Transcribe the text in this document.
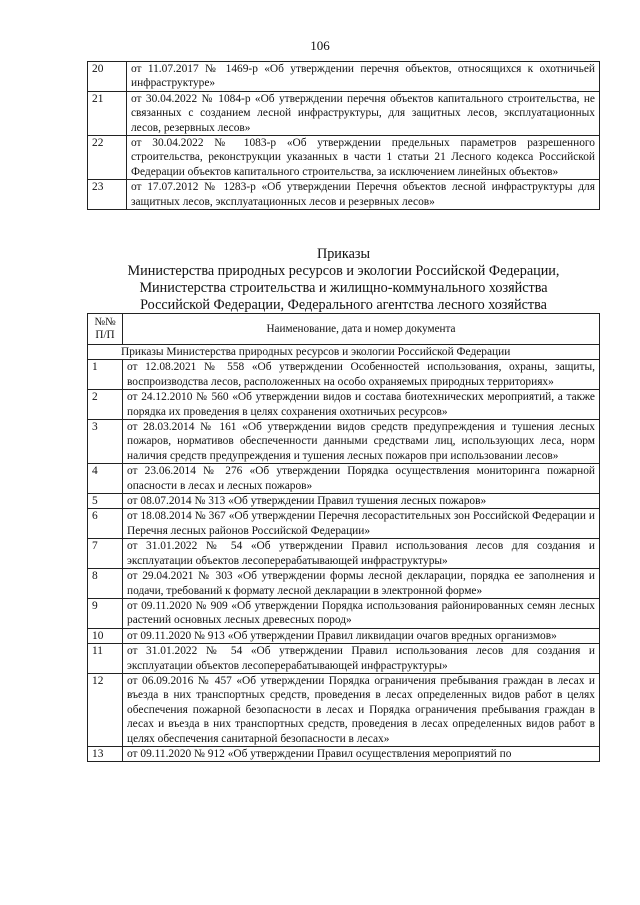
106
20	от 11.07.2017 № 1469-р «Об утверждении перечня объектов, относящихся к охотничьей инфраструктуре»
21	от 30.04.2022 № 1084-р «Об утверждении перечня объектов капитального строительства, не связанных с созданием лесной инфраструктуры, для защитных лесов, эксплуатационных лесов, резервных лесов»
22	от 30.04.2022 № 1083-р «Об утверждении предельных параметров разрешенного строительства, реконструкции указанных в части 1 статьи 21 Лесного кодекса Российской Федерации объектов капитального строительства, за исключением линейных объектов»
23	от 17.07.2012 № 1283-р «Об утверждении Перечня объектов лесной инфраструктуры для защитных лесов, эксплуатационных лесов и резервных лесов»
Приказы
Министерства природных ресурсов и экологии Российской Федерации,
Министерства строительства и жилищно-коммунального хозяйства
Российской Федерации, Федерального агентства лесного хозяйства
№№
П/П	Наименование, дата и номер документа
Приказы Министерства природных ресурсов и экологии Российской Федерации	
1	от 12.08.2021 № 558 «Об утверждении Особенностей использования, охраны, защиты, воспроизводства лесов, расположенных на особо охраняемых природных территориях»
2	от 24.12.2010 № 560 «Об утверждении видов и состава биотехнических мероприятий, а также порядка их проведения в целях сохранения охотничьих ресурсов»
3	от 28.03.2014 № 161 «Об утверждении видов средств предупреждения и тушения лесных пожаров, нормативов обеспеченности данными средствами лиц, использующих леса, норм наличия средств предупреждения и тушения лесных пожаров при использовании лесов»
4	от 23.06.2014 № 276 «Об утверждении Порядка осуществления мониторинга пожарной опасности в лесах и лесных пожаров»
5	от 08.07.2014 № 313 «Об утверждении Правил тушения лесных пожаров»
6	от 18.08.2014 № 367 «Об утверждении Перечня лесорастительных зон Российской Федерации и Перечня лесных районов Российской Федерации»
7	от 31.01.2022 № 54 «Об утверждении Правил использования лесов для создания и эксплуатации объектов лесоперерабатывающей инфраструктуры»
8	от 29.04.2021 № 303 «Об утверждении формы лесной декларации, порядка ее заполнения и подачи, требований к формату лесной декларации в электронной форме»
9	от 09.11.2020 № 909 «Об утверждении Порядка использования районированных семян лесных растений основных лесных древесных пород»
10	от 09.11.2020 № 913 «Об утверждении Правил ликвидации очагов вредных организмов»
11	от 31.01.2022 № 54 «Об утверждении Правил использования лесов для создания и эксплуатации объектов лесоперерабатывающей инфраструктуры»
12	от 06.09.2016 № 457 «Об утверждении Порядка ограничения пребывания граждан в лесах и въезда в них транспортных средств, проведения в лесах определенных видов работ в целях обеспечения пожарной безопасности в лесах и Порядка ограничения пребывания граждан в лесах и въезда в них транспортных средств, проведения в лесах определенных видов работ в целях обеспечения санитарной безопасности в лесах»
13	от 09.11.2020 № 912 «Об утверждении Правил осуществления мероприятий по
